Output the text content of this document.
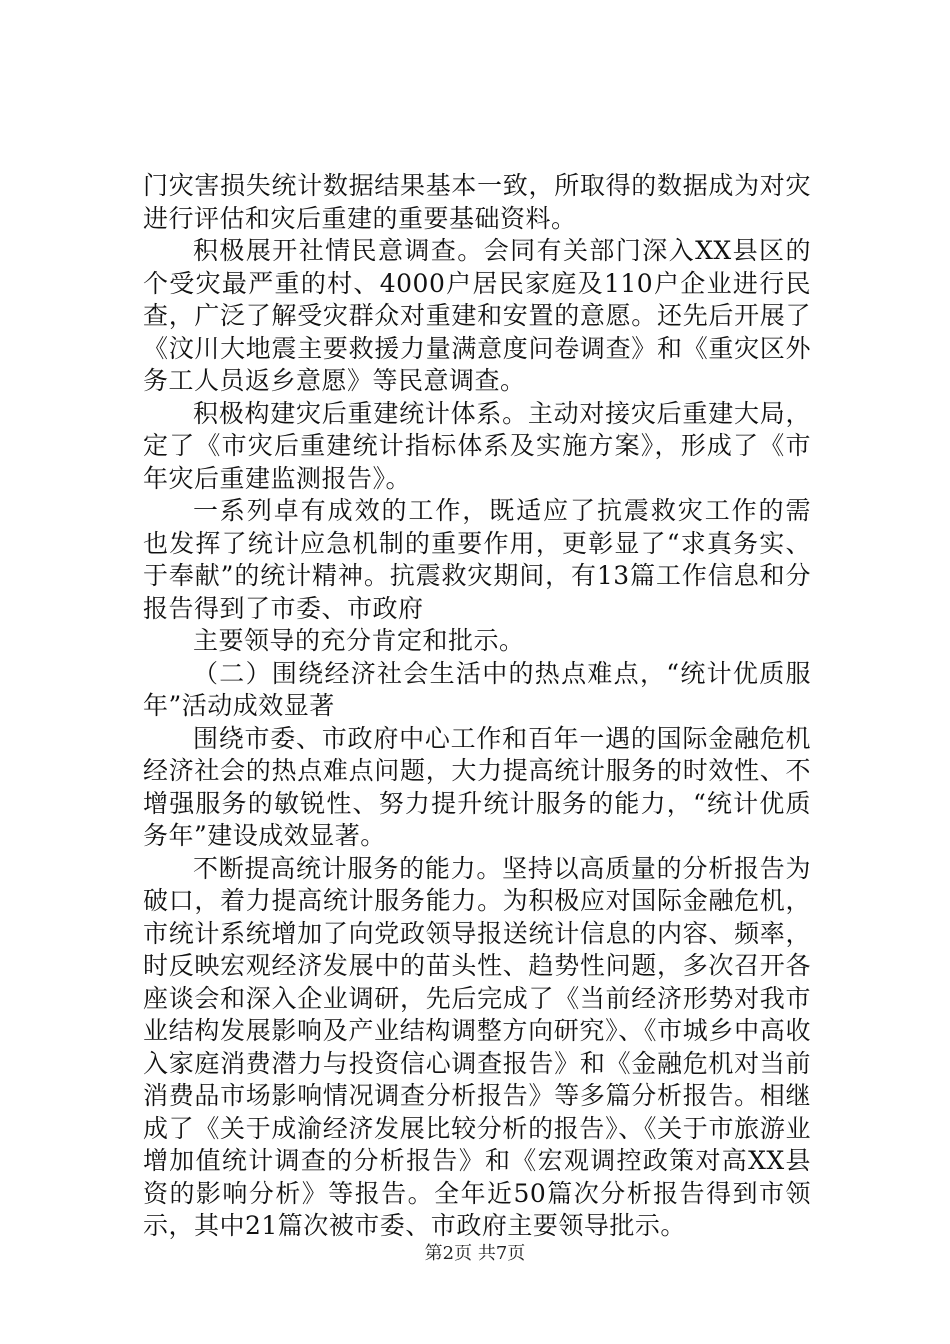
门灾害损失统计数据结果基本一致，所取得的数据成为对灾
进行评估和灾后重建的重要基础资料。
积极展开社情民意调查。会同有关部门深入XX县区的
个受灾最严重的村、4000户居民家庭及110户企业进行民
查，广泛了解受灾群众对重建和安置的意愿。还先后开展了
《汶川大地震主要救援力量满意度问卷调查》和《重灾区外
务工人员返乡意愿》等民意调查。
积极构建灾后重建统计体系。主动对接灾后重建大局，
定了《市灾后重建统计指标体系及实施方案》，形成了《市
年灾后重建监测报告》。
一系列卓有成效的工作，既适应了抗震救灾工作的需
也发挥了统计应急机制的重要作用，更彰显了“求真务实、
于奉献”的统计精神。抗震救灾期间，有13篇工作信息和分
报告得到了市委、市政府
主要领导的充分肯定和批示。
（二）围绕经济社会生活中的热点难点，“统计优质服
年”活动成效显著
围绕市委、市政府中心工作和百年一遇的国际金融危机
经济社会的热点难点问题，大力提高统计服务的时效性、不
增强服务的敏锐性、努力提升统计服务的能力，“统计优质
务年”建设成效显著。
不断提高统计服务的能力。坚持以高质量的分析报告为
破口，着力提高统计服务能力。为积极应对国际金融危机，
市统计系统增加了向党政领导报送统计信息的内容、频率，
时反映宏观经济发展中的苗头性、趋势性问题，多次召开各
座谈会和深入企业调研，先后完成了《当前经济形势对我市
业结构发展影响及产业结构调整方向研究》、《市城乡中高收
入家庭消费潜力与投资信心调查报告》和《金融危机对当前
消费品市场影响情况调查分析报告》等多篇分析报告。相继
成了《关于成渝经济发展比较分析的报告》、《关于市旅游业
增加值统计调查的分析报告》和《宏观调控政策对高XX县
资的影响分析》等报告。全年近50篇次分析报告得到市领
示，其中21篇次被市委、市政府主要领导批示。
第2页 共7页
